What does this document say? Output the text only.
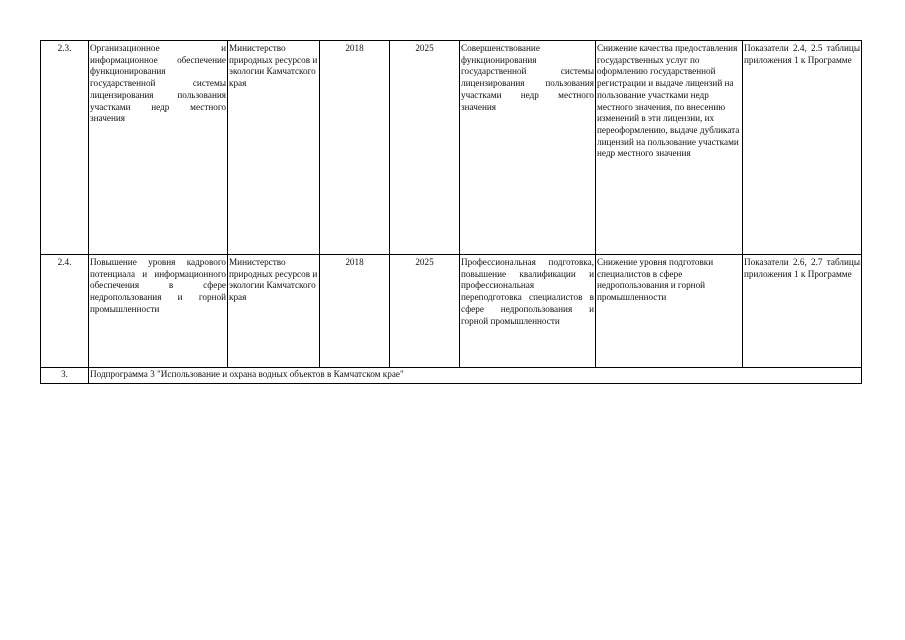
2.3.	Организационное и информационное обеспечение функционирования государственной системы лицензирования пользования участками недр местного значения	Министерство природных ресурсов и экологии Камчатского края	2018	2025	Совершенствование функционирования государственной системы лицензирования пользования участками недр местного значения	Снижение качества предоставления государственных услуг по оформлению государственной регистрации и выдаче лицензий на пользование участками недр местного значения, по внесению изменений в эти лицензии, их переоформлению, выдаче дубликата лицензий на пользование участками недр местного значения	Показатели 2.4, 2.5 таблицы приложения 1 к Программе
2.4.	Повышение уровня кадрового потенциала и информационного обеспечения в сфере недропользования и горной промышленности	Министерство природных ресурсов и экологии Камчатского края	2018	2025	Профессиональная подготовка, повышение квалификации и профессиональная переподготовка специалистов в сфере недропользования и горной промышленности	Снижение уровня подготовки специалистов в сфере недропользования и горной промышленности	Показатели 2.6, 2.7 таблицы приложения 1 к Программе
3.	Подпрограмма 3 "Использование и охрана водных объектов в Камчатском крае"						
